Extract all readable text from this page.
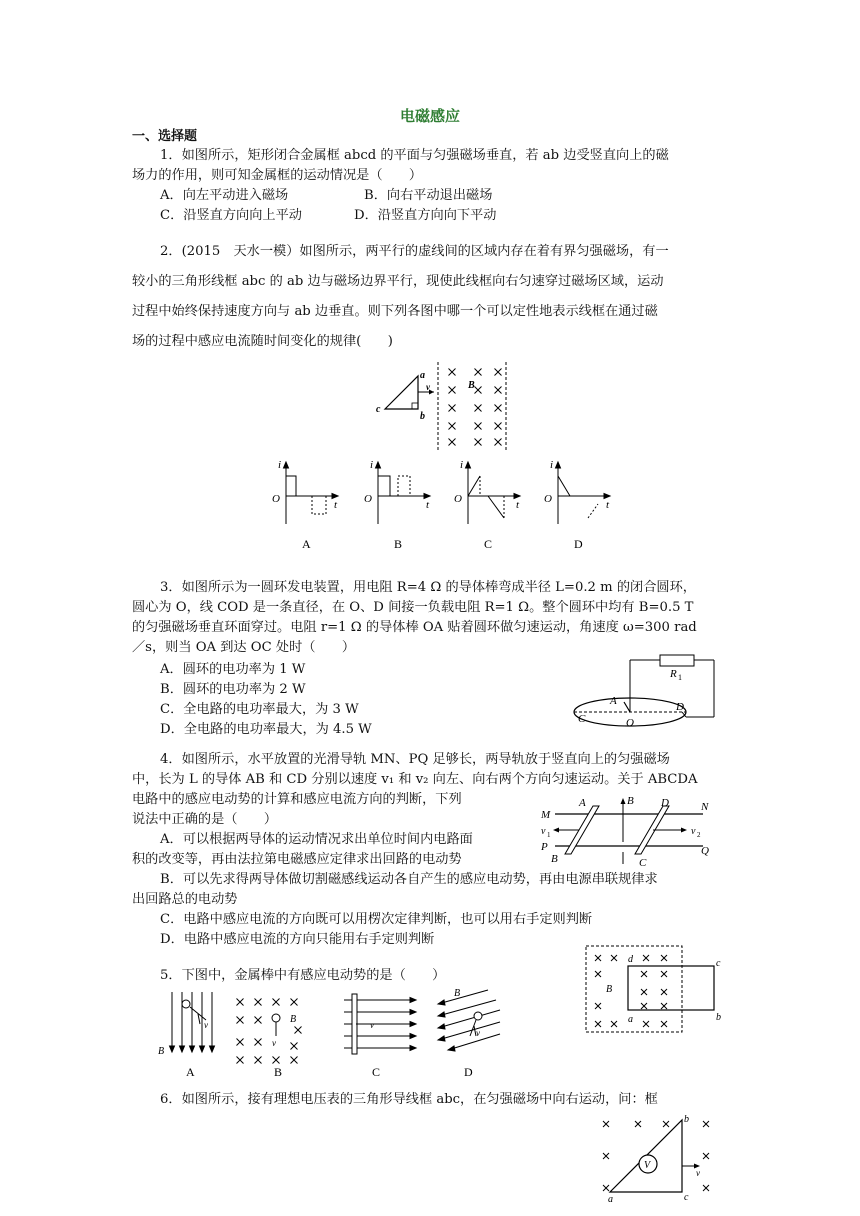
电磁感应
一、选择题
1．如图所示，矩形闭合金属框 abcd 的平面与匀强磁场垂直，若 ab 边受竖直向上的磁
场力的作用，则可知金属框的运动情况是（　　）
A．向左平动进入磁场	B．向右平动退出磁场
C．沿竖直方向向上平动	D．沿竖直方向向下平动
2．(2015　天水一模）如图所示，两平行的虚线间的区域内存在着有界匀强磁场，有一
较小的三角形线框 abc 的 ab 边与磁场边界平行，现使此线框向右匀速穿过磁场区域，运动
过程中始终保持速度方向与 ab 边垂直。则下列各图中哪一个可以定性地表示线框在通过磁
场的过程中感应电流随时间变化的规律(　　)
a
b
c
v	B
i
O	t
A
i
O	t
B
i
O	t
C
i
O	t
D
3．如图所示为一圆环发电装置，用电阻 R=4 Ω 的导体棒弯成半径 L=0.2 m 的闭合圆环，
圆心为 O，线 COD 是一条直径，在 O、D 间接一负载电阻 R=1 Ω。整个圆环中均有 B=0.5 T
的匀强磁场垂直环面穿过。电阻 r=1 Ω 的导体棒 OA 贴着圆环做匀速运动，角速度 ω=300 rad
／s，则当 OA 到达 OC 处时（　　）
A．圆环的电功率为 1 W
B．圆环的电功率为 2 W
C．全电路的电功率最大，为 3 W
D．全电路的电功率最大，为 4.5 W
R 1
A
C	O
D
4．如图所示，水平放置的光滑导轨 MN、PQ 足够长，两导轨放于竖直向上的匀强磁场
中，长为 L 的导体 AB 和 CD 分别以速度 v₁ 和 v₂ 向左、向右两个方向匀速运动。关于 ABCDA
电路中的感应电动势的计算和感应电流方向的判断，下列
说法中正确的是（　　）
A．可以根据两导体的运动情况求出单位时间内电路面
积的改变等，再由法拉第电磁感应定律求出回路的电动势
B．可以先求得两导体做切割磁感线运动各自产生的感应电动势，再由电源串联规律求
出回路总的电动势
C．电路中感应电流的方向既可以用楞次定律判断，也可以用右手定则判断
D．电路中感应电流的方向只能用右手定则判断
M
N
P	Q
A
B	C
D
B
v 1	v 2
5．下图中，金属棒中有感应电动势的是（　　）
B
d
a
c
b
B
v	B
v
v
B
v
A	B	C	D
6．如图所示，接有理想电压表的三角形导线框 abc，在匀强磁场中向右运动，问：框
V
v
a
b
c
